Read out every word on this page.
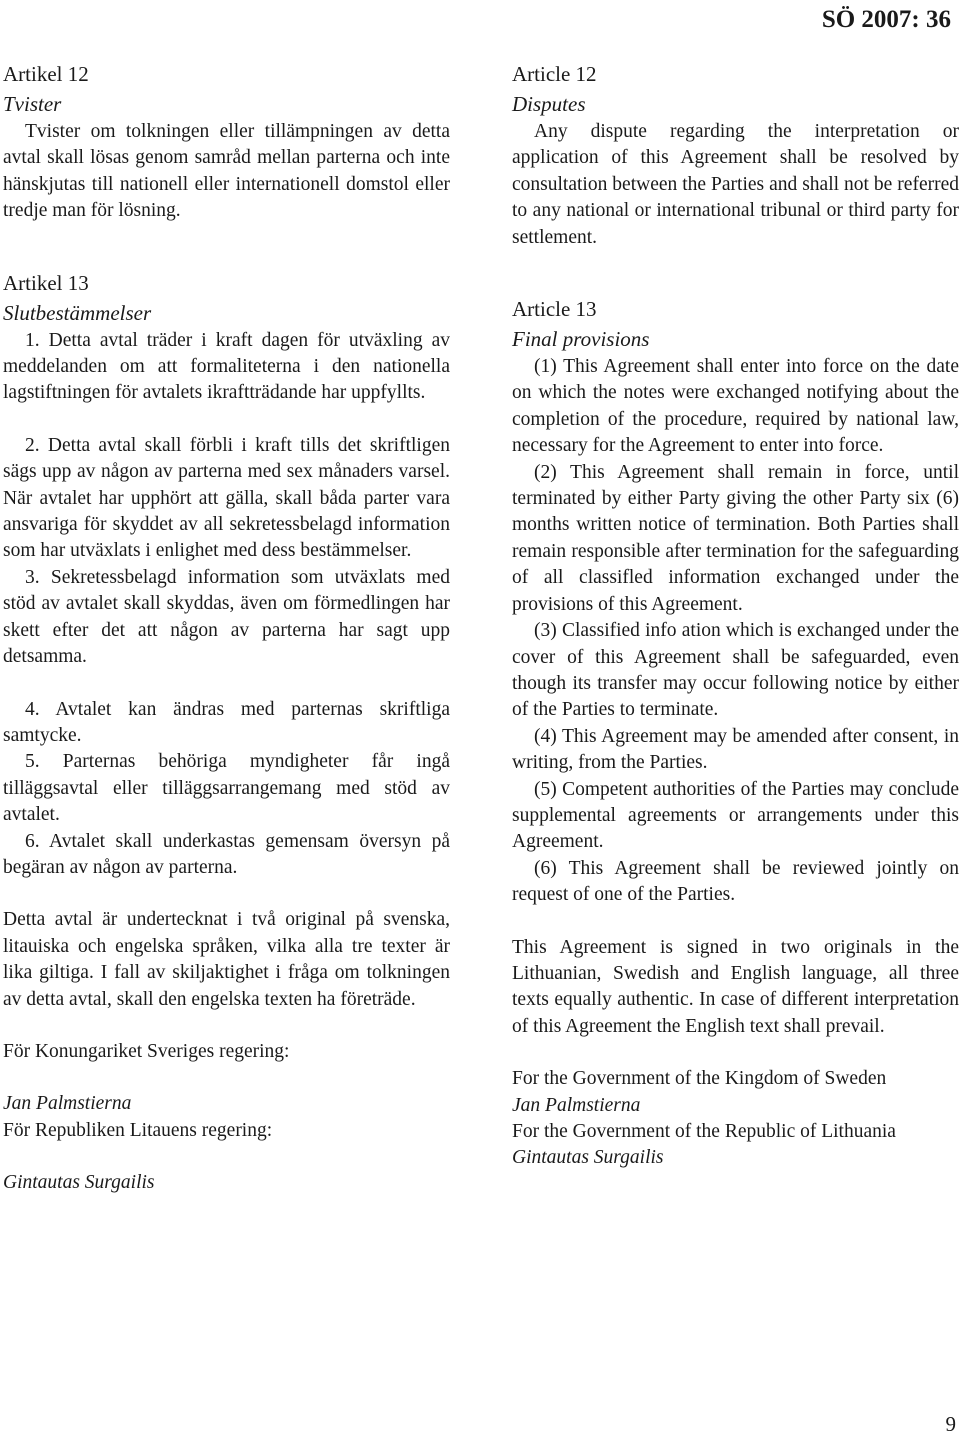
SÖ 2007: 36

Artikel 12

Tvister

Tvister om tolkningen eller tillämpningen av detta avtal skall lösas genom samråd mellan parterna och inte hänskjutas till nationell eller internationell domstol eller tredje man för lösning.

Artikel 13

Slutbestämmelser

1. Detta avtal träder i kraft dagen för utväxling av meddelanden om att formaliteterna i den nationella lagstiftningen för avtalets ikraftträdande har uppfyllts.

2. Detta avtal skall förbli i kraft tills det skriftligen sägs upp av någon av parterna med sex månaders varsel. När avtalet har upphört att gälla, skall båda parter vara ansvariga för skyddet av all sekretessbelagd information som har utväxlats i enlighet med dess bestämmelser.

3. Sekretessbelagd information som utväxlats med stöd av avtalet skall skyddas, även om förmedlingen har skett efter det att någon av parterna har sagt upp detsamma.

4. Avtalet kan ändras med parternas skriftliga samtycke.

5. Parternas behöriga myndigheter får ingå tilläggsavtal eller tilläggsarrangemang med stöd av avtalet.

6. Avtalet skall underkastas gemensam översyn på begäran av någon av parterna.

Detta avtal är undertecknat i två original på svenska, litauiska och engelska språken, vilka alla tre texter är lika giltiga. I fall av skiljaktighet i fråga om tolkningen av detta avtal, skall den engelska texten ha företräde.

För Konungariket Sveriges regering:

Jan Palmstierna

För Republiken Litauens regering:

Gintautas Surgailis

Article 12

Disputes

Any dispute regarding the interpretation or application of this Agreement shall be resolved by consultation between the Parties and shall not be referred to any national or international tribunal or third party for settlement.

Article 13

Final provisions

(1) This Agreement shall enter into force on the date on which the notes were exchanged notifying about the completion of the procedure, required by national law, necessary for the Agreement to enter into force.

(2) This Agreement shall remain in force, until terminated by either Party giving the other Party six (6) months written notice of termination. Both Parties shall remain responsible after termination for the safeguarding of all classifled information exchanged under the provisions of this Agreement.

(3) Classified info ation which is exchanged under the cover of this Agreement shall be safeguarded, even though its transfer may occur following notice by either of the Parties to terminate.

(4) This Agreement may be amended after consent, in writing, from the Parties.

(5) Competent authorities of the Parties may conclude supplemental agreements or arrangements under this Agreement.

(6) This Agreement shall be reviewed jointly on request of one of the Parties.

This Agreement is signed in two originals in the Lithuanian, Swedish and English language, all three texts equally authentic. In case of different interpretation of this Agreement the English text shall prevail.

For the Government of the Kingdom of Sweden

Jan Palmstierna

For the Government of the Republic of Lithuania

Gintautas Surgailis

9
